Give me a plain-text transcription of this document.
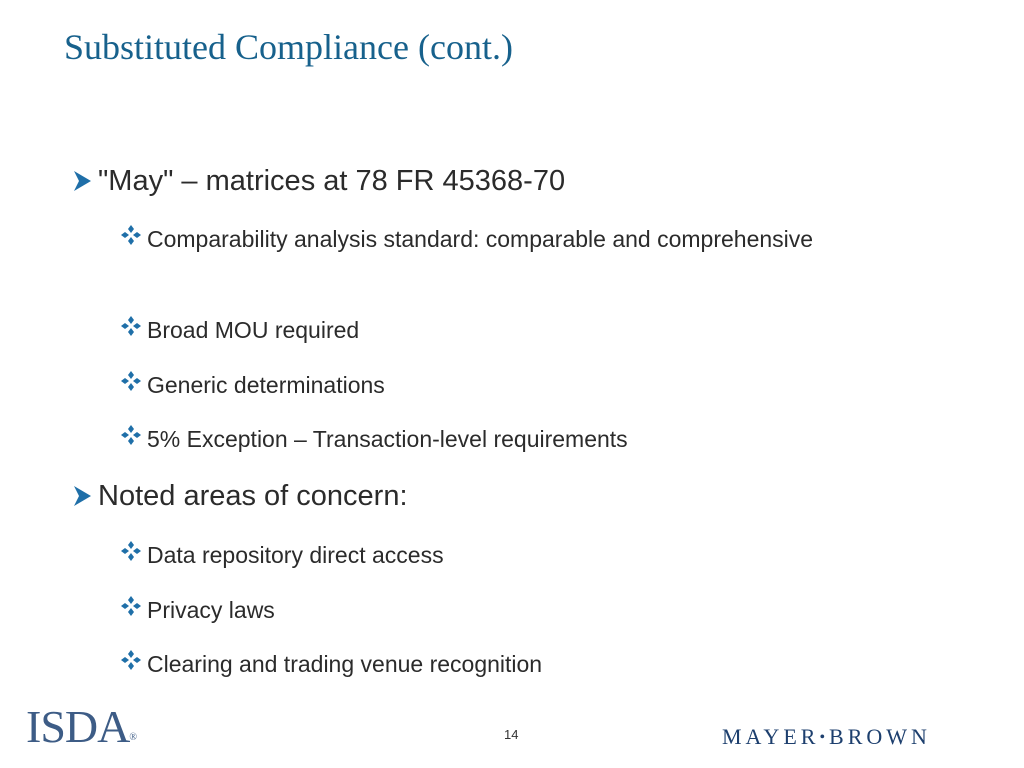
Substituted Compliance (cont.)
"May" – matrices at 78 FR 45368-70
Comparability analysis standard: comparable and comprehensive
Broad MOU required
Generic determinations
5% Exception – Transaction-level requirements
Noted areas of concern:
Data repository direct access
Privacy laws
Clearing and trading venue recognition
ISDA®	14	MAYER•BROWN
